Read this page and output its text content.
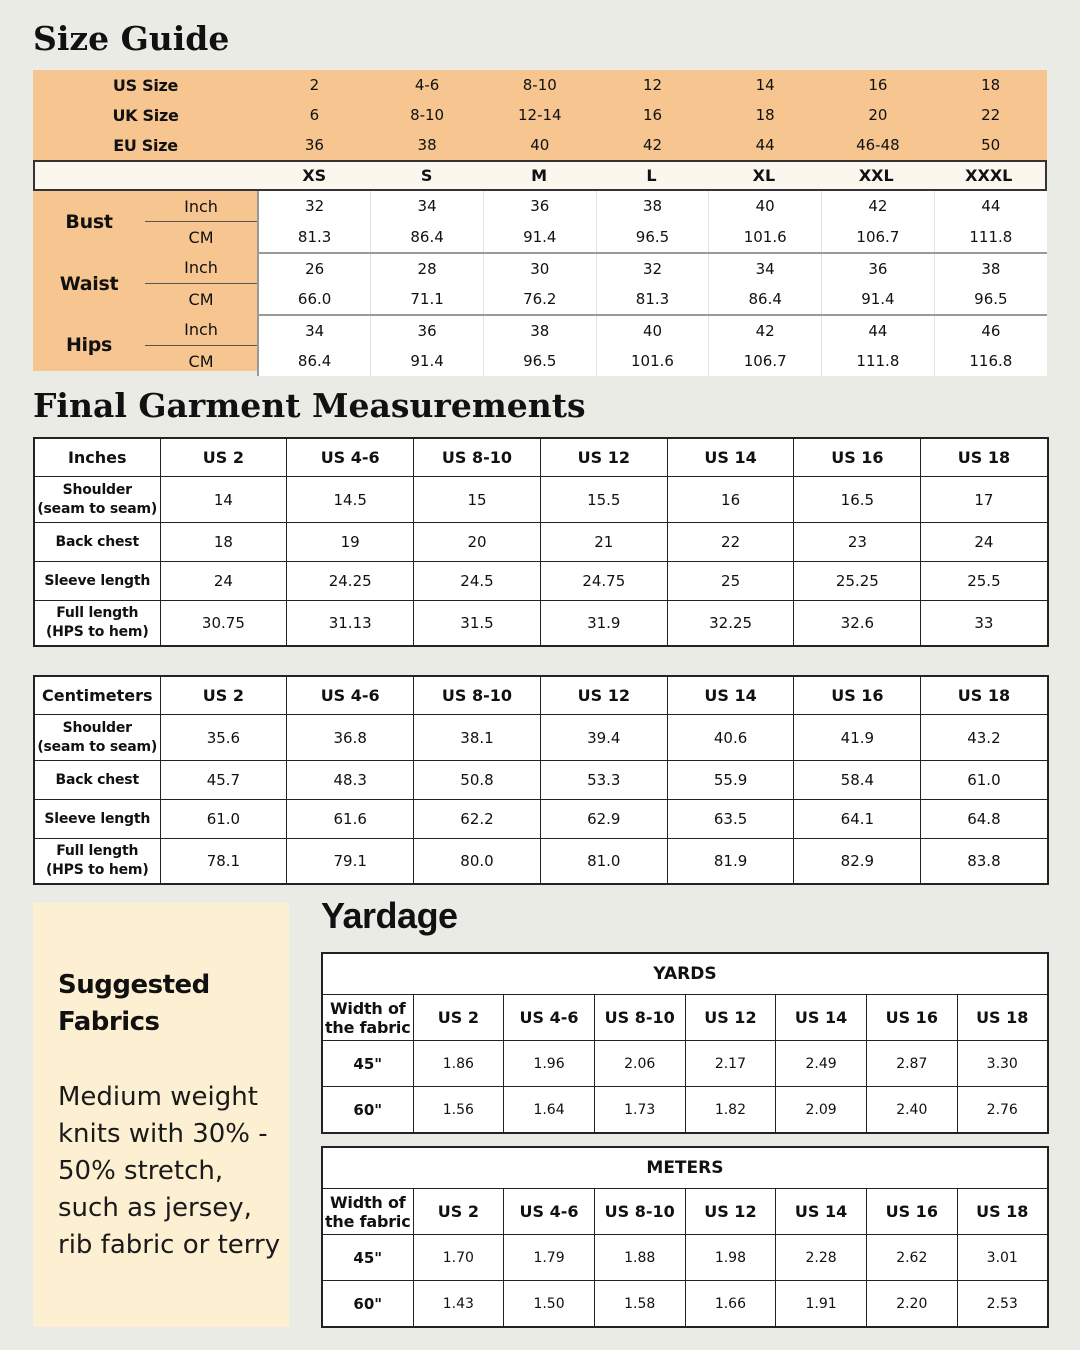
Size Guide
US Size	2	4-6	8-10	12	14	16	18
UK Size	6	8-10	12-14	16	18	20	22
EU Size	36	38	40	42	44	46-48	50
	XS	S	M	L	XL	XXL	XXXL
Bust	Inch	32	34	36	38	40	42	44
	CM	81.3	86.4	91.4	96.5	101.6	106.7	111.8
Waist	Inch	26	28	30	32	34	36	38
	CM	66.0	71.1	76.2	81.3	86.4	91.4	96.5
Hips	Inch	34	36	38	40	42	44	46
	CM	86.4	91.4	96.5	101.6	106.7	111.8	116.8
Final Garment Measurements
Inches	US 2	US 4-6	US 8-10	US 12	US 14	US 16	US 18
Shoulder
(seam to seam)	14	14.5	15	15.5	16	16.5	17
Back chest	18	19	20	21	22	23	24
Sleeve length	24	24.25	24.5	24.75	25	25.25	25.5
Full length
(HPS to hem)	30.75	31.13	31.5	31.9	32.25	32.6	33
Centimeters	US 2	US 4-6	US 8-10	US 12	US 14	US 16	US 18
Shoulder
(seam to seam)	35.6	36.8	38.1	39.4	40.6	41.9	43.2
Back chest	45.7	48.3	50.8	53.3	55.9	58.4	61.0
Sleeve length	61.0	61.6	62.2	62.9	63.5	64.1	64.8
Full length
(HPS to hem)	78.1	79.1	80.0	81.0	81.9	82.9	83.8
Suggested
Fabrics
Medium weight knits with 30% - 50% stretch, such as jersey, rib fabric or terry
Yardage
YARDS							
Width of
the fabric	US 2	US 4-6	US 8-10	US 12	US 14	US 16	US 18
45"	1.86	1.96	2.06	2.17	2.49	2.87	3.30
60"	1.56	1.64	1.73	1.82	2.09	2.40	2.76
METERS							
Width of
the fabric	US 2	US 4-6	US 8-10	US 12	US 14	US 16	US 18
45"	1.70	1.79	1.88	1.98	2.28	2.62	3.01
60"	1.43	1.50	1.58	1.66	1.91	2.20	2.53
